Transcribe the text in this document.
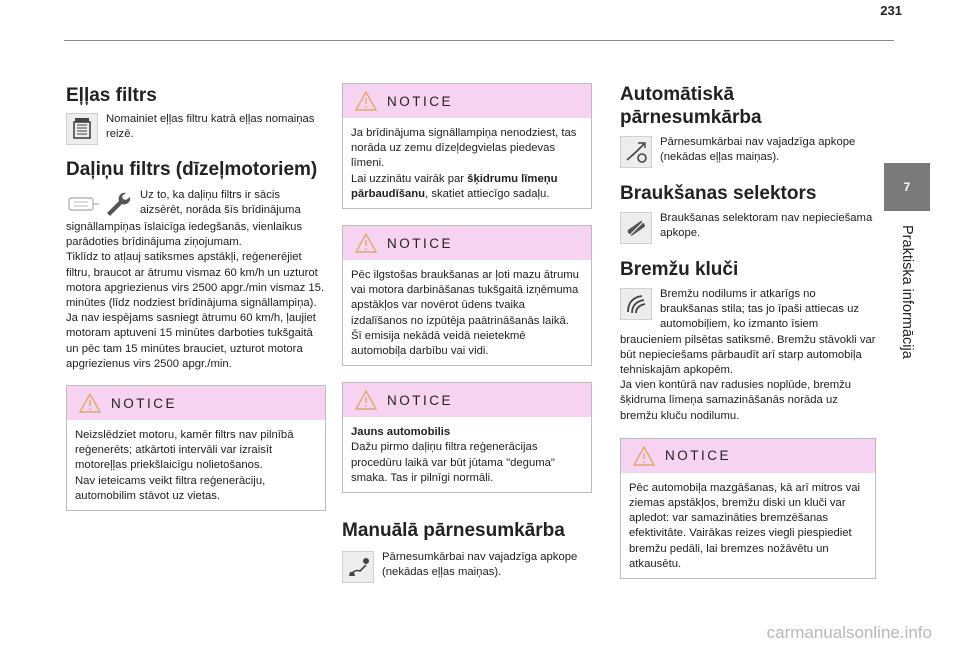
231
7
Praktiska informācija
Eļļas filtrs

Nomainiet eļļas filtru katrā eļļas nomaiņas reizē.

Daļiņu filtrs (dīzeļmotoriem)

Uz to, ka daļiņu filtrs ir sācis

aizsērēt, norāda šīs brīdinājuma

signāllampiņas īslaicīga iedegšanās, vienlaikus parādoties brīdinājuma ziņojumam.

Tiklīdz to atļauj satiksmes apstākļi, reģenerējiet filtru, braucot ar ātrumu vismaz 60 km/h un uzturot motora apgriezienus virs 2500 apgr./min vismaz 15. minūtes (līdz nodziest brīdinājuma signāllampiņa).

Ja nav iespējams sasniegt ātrumu 60 km/h, ļaujiet motoram aptuveni 15 minūtes darboties tukšgaitā un pēc tam 15 minūtes brauciet, uzturot motora apgriezienus virs 2500 apgr./min.

NOTICE

Neizslēdziet motoru, kamēr filtrs nav pilnībā reģenerēts; atkārtoti intervāli var izraisīt motoreļļas priekšlaicīgu nolietošanos.

Nav ieteicams veikt filtra reģenerāciju, automobilim stāvot uz vietas.

NOTICE

Ja brīdinājuma signāllampiņa nenodziest, tas norāda uz zemu dīzeļdegvielas piedevas līmeni.

Lai uzzinātu vairāk par šķidrumu līmeņu pārbaudīšanu, skatiet attiecīgo sadaļu.

NOTICE

Pēc ilgstošas braukšanas ar ļoti mazu ātrumu vai motora darbināšanas tukšgaitā izņēmuma apstākļos var novērot ūdens tvaika izdalīšanos no izpūtēja paātrināšanās laikā.

Šī emisija nekādā veidā neietekmē automobiļa darbību vai vidi.

NOTICE

Jauns automobilis

Dažu pirmo daļiņu filtra reģenerācijas procedūru laikā var būt jūtama "deguma" smaka. Tas ir pilnīgi normāli.

Manuālā pārnesumkārba

Pārnesumkārbai nav vajadzīga apkope (nekādas eļļas maiņas).

Automātiskā
pārnesumkārba

Pārnesumkārbai nav vajadzīga apkope (nekādas eļļas maiņas).

Braukšanas selektors

Braukšanas selektoram nav nepieciešama apkope.

Bremžu kluči

Bremžu nodilums ir atkarīgs no braukšanas stila; tas jo īpaši attiecas uz automobiļiem, ko izmanto īsiem braucieniem pilsētas satiksmē. Bremžu stāvokli var būt nepieciešams pārbaudīt arī starp automobiļa tehniskajām apkopēm.

Ja vien kontūrā nav radusies noplūde, bremžu šķidruma līmeņa samazināšanās norāda uz bremžu kluču nodilumu.

NOTICE

Pēc automobiļa mazgāšanas, kā arī mitros vai ziemas apstākļos, bremžu diski un kluči var apledot: var samazināties bremzēšanas efektivitāte. Vairākas reizes viegli piespiediet bremžu pedāli, lai bremzes nožāvētu un atkausētu.

carmanualsonline.info
